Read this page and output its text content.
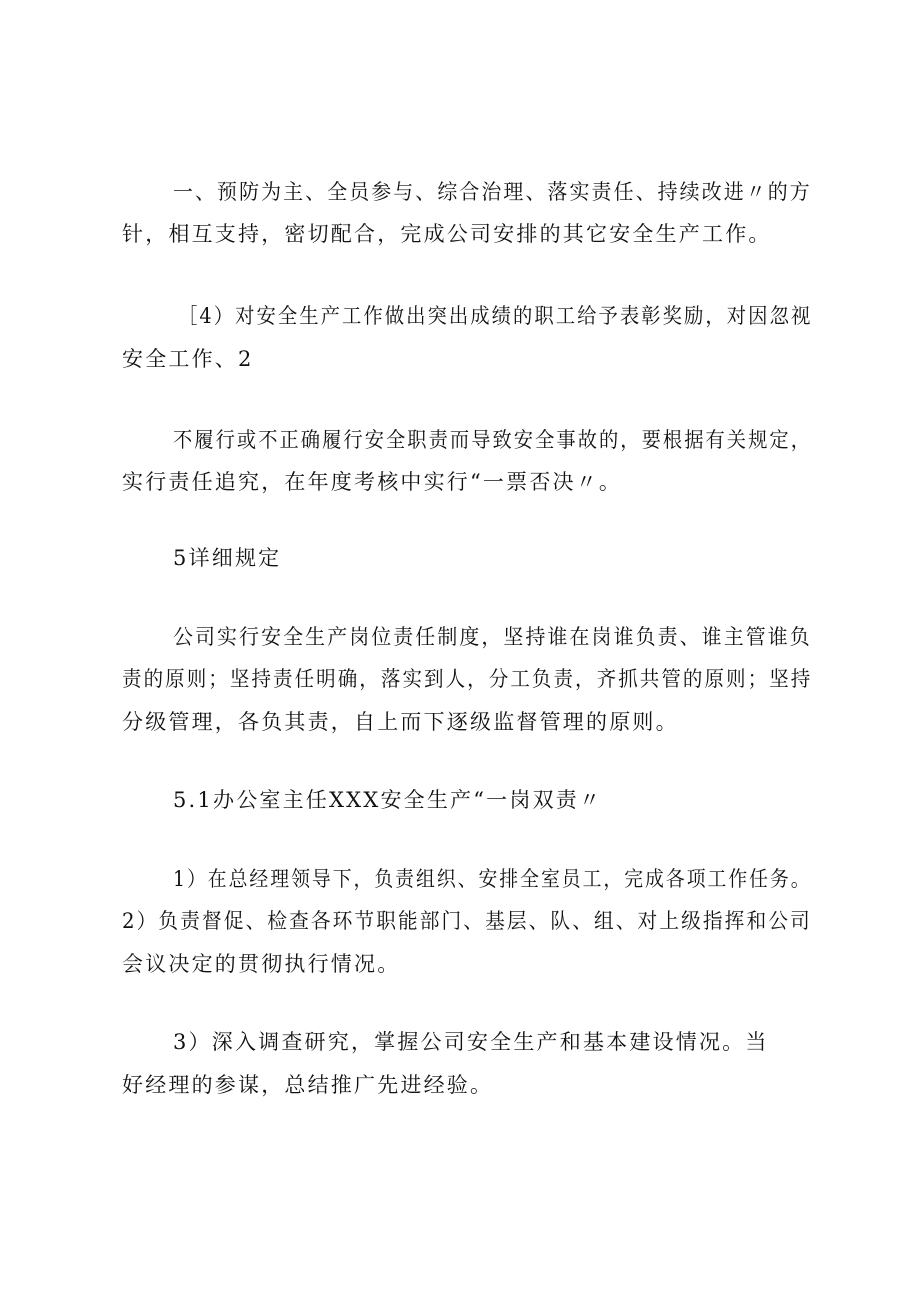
一、预防为主、全员参与、综合治理、落实责任、持续改进〃的方
针，相互支持，密切配合，完成公司安排的其它安全生产工作。
［4）对安全生产工作做出突出成绩的职工给予表彰奖励，对因忽视
安全工作、2
不履行或不正确履行安全职责而导致安全事故的，要根据有关规定，
实行责任追究，在年度考核中实行“一票否决〃。
5详细规定
公司实行安全生产岗位责任制度，坚持谁在岗谁负责、谁主管谁负
责的原则；坚持责任明确，落实到人，分工负责，齐抓共管的原则；坚持
分级管理，各负其责，自上而下逐级监督管理的原则。
5.1办公室主任XXX安全生产“一岗双责〃
1）在总经理领导下，负责组织、安排全室员工，完成各项工作任务。
2）负责督促、检查各环节职能部门、基层、队、组、对上级指挥和公司
会议决定的贯彻执行情况。
3）深入调查研究，掌握公司安全生产和基本建设情况。当
好经理的参谋，总结推广先进经验。
